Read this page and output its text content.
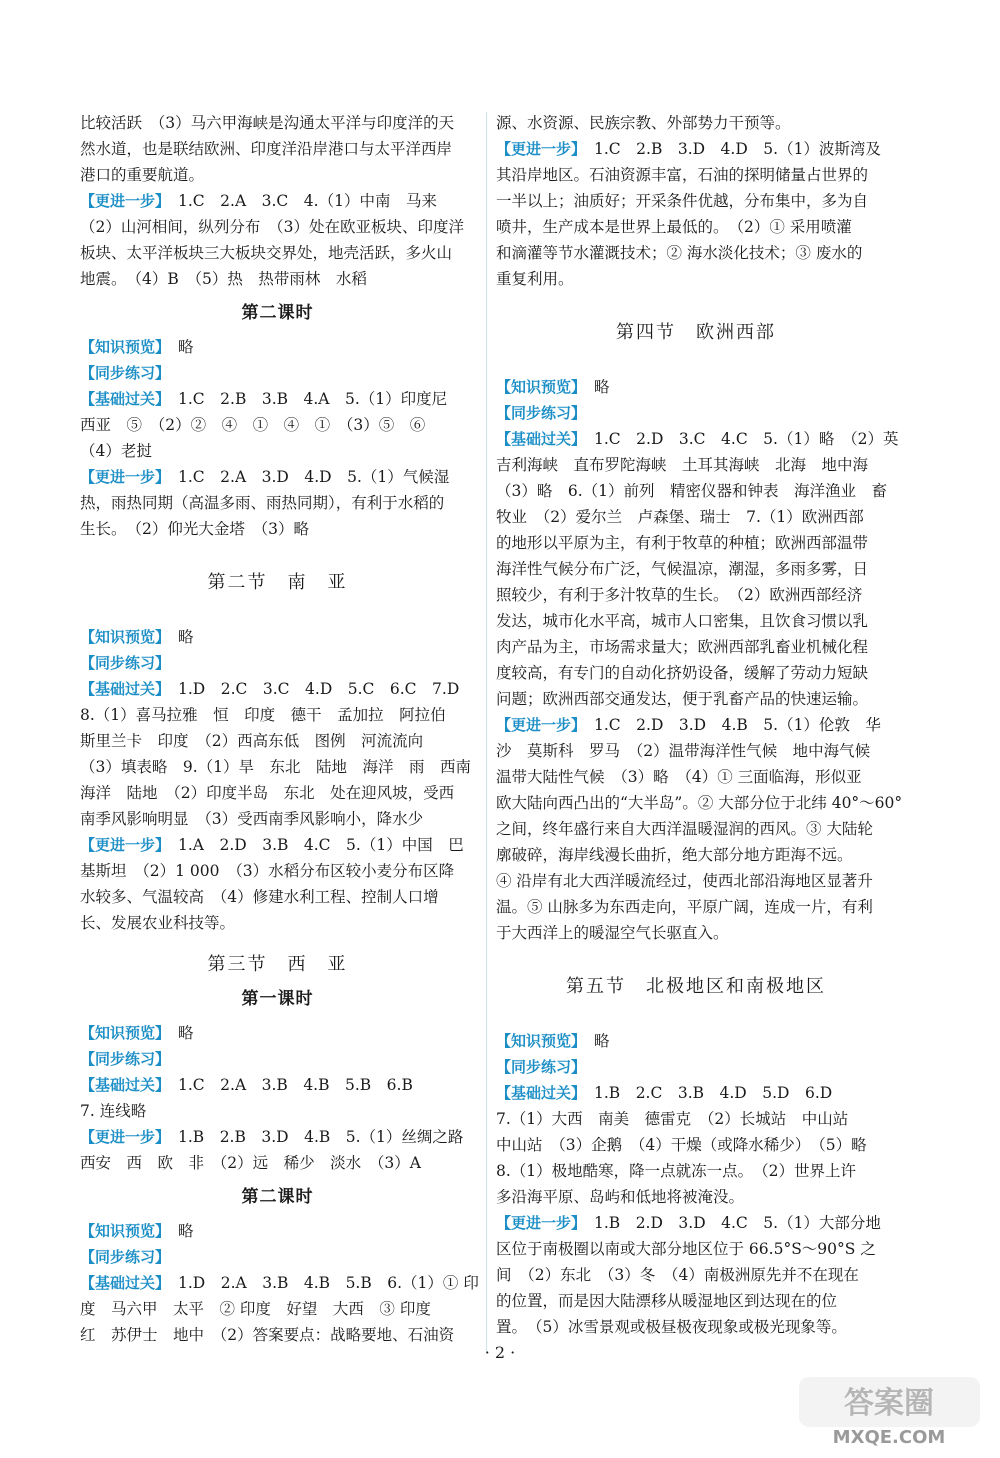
比较活跃　（3）马六甲海峡是沟通太平洋与印度洋的天
然水道，也是联结欧洲、印度洋沿岸港口与太平洋西岸
港口的重要航道。
【更进一步】　1.C　2.A　3.C　4.（1）中南　马来
（2）山河相间，纵列分布　（3）处在欧亚板块、印度洋
板块、太平洋板块三大板块交界处，地壳活跃，多火山
地震。　（4）B　（5）热　热带雨林　水稻
第二课时
【知识预览】　略
【同步练习】
【基础过关】　1.C　2.B　3.B　4.A　5.（1）印度尼
西亚　⑤　（2）②　④　①　④　①　（3）⑤　⑥
（4）老挝
【更进一步】　1.C　2.A　3.D　4.D　5.（1）气候湿
热，雨热同期（高温多雨、雨热同期），有利于水稻的
生长。　（2）仰光大金塔　（3）略
第二节　南　亚
【知识预览】　略
【同步练习】
【基础过关】　1.D　2.C　3.C　4.D　5.C　6.C　7.D
8.（1）喜马拉雅　恒　印度　德干　孟加拉　阿拉伯
斯里兰卡　印度　（2）西高东低　图例　河流流向
（3）填表略　9.（1）旱　东北　陆地　海洋　雨　西南
海洋　陆地　（2）印度半岛　东北　处在迎风坡，受西
南季风影响明显　（3）受西南季风影响小，降水少
【更进一步】　1.A　2.D　3.B　4.C　5.（1）中国　巴
基斯坦　（2）1 000　（3）水稻分布区较小麦分布区降
水较多、气温较高　（4）修建水利工程、控制人口增
长、发展农业科技等。
第三节　西　亚
第一课时
【知识预览】　略
【同步练习】
【基础过关】　1.C　2.A　3.B　4.B　5.B　6.B
7. 连线略
【更进一步】　1.B　2.B　3.D　4.B　5.（1）丝绸之路
西安　西　欧　非　（2）远　稀少　淡水　（3）A
第二课时
【知识预览】　略
【同步练习】
【基础过关】　1.D　2.A　3.B　4.B　5.B　6.（1）① 印
度　马六甲　太平　② 印度　好望　大西　③ 印度
红　苏伊士　地中　（2）答案要点：战略要地、石油资
源、水资源、民族宗教、外部势力干预等。
【更进一步】　1.C　2.B　3.D　4.D　5.（1）波斯湾及
其沿岸地区。石油资源丰富，石油的探明储量占世界的
一半以上；油质好；开采条件优越，分布集中，多为自
喷井，生产成本是世界上最低的。　（2）① 采用喷灌
和滴灌等节水灌溉技术；② 海水淡化技术；③ 废水的
重复利用。
第四节　欧洲西部
【知识预览】　略
【同步练习】
【基础过关】　1.C　2.D　3.C　4.C　5.（1）略　（2）英
吉利海峡　直布罗陀海峡　土耳其海峡　北海　地中海
（3）略　6.（1）前列　精密仪器和钟表　海洋渔业　畜
牧业　（2）爱尔兰　卢森堡、瑞士　7.（1）欧洲西部
的地形以平原为主，有利于牧草的种植；欧洲西部温带
海洋性气候分布广泛，气候温凉，潮湿，多雨多雾，日
照较少，有利于多汁牧草的生长。　（2）欧洲西部经济
发达，城市化水平高，城市人口密集，且饮食习惯以乳
肉产品为主，市场需求量大；欧洲西部乳畜业机械化程
度较高，有专门的自动化挤奶设备，缓解了劳动力短缺
问题；欧洲西部交通发达，便于乳畜产品的快速运输。
【更进一步】　1.C　2.D　3.D　4.B　5.（1）伦敦　华
沙　莫斯科　罗马　（2）温带海洋性气候　地中海气候
温带大陆性气候　（3）略　（4）① 三面临海，形似亚
欧大陆向西凸出的“大半岛”。② 大部分位于北纬 40°～60°
之间，终年盛行来自大西洋温暖湿润的西风。③ 大陆轮
廓破碎，海岸线漫长曲折，绝大部分地方距海不远。
④ 沿岸有北大西洋暖流经过，使西北部沿海地区显著升
温。⑤ 山脉多为东西走向，平原广阔，连成一片，有利
于大西洋上的暖湿空气长驱直入。
第五节　北极地区和南极地区
【知识预览】　略
【同步练习】
【基础过关】　1.B　2.C　3.B　4.D　5.D　6.D
7.（1）大西　南美　德雷克　（2）长城站　中山站
中山站　（3）企鹅　（4）干燥（或降水稀少）　（5）略
8.（1）极地酷寒，降一点就冻一点。　（2）世界上许
多沿海平原、岛屿和低地将被淹没。
【更进一步】　1.B　2.D　3.D　4.C　5.（1）大部分地
区位于南极圈以南或大部分地区位于 66.5°S～90°S 之
间　（2）东北　（3）冬　（4）南极洲原先并不在现在
的位置，而是因大陆漂移从暖湿地区到达现在的位
置。　（5）冰雪景观或极昼极夜现象或极光现象等。
· 2 ·
答案圈
MXQE.COM
